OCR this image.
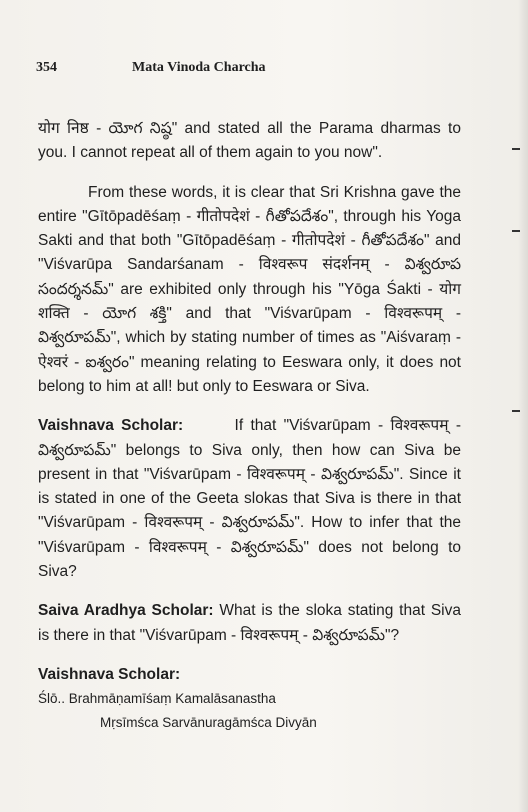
354	Mata Vinoda Charcha

योग निष्ठ - యోగ నిష్ఠ" and stated all the Parama dharmas to you. I cannot repeat all of them again to you now".

From these words, it is clear that Sri Krishna gave the entire "Gītōpadēśaṃ - गीतोपदेशं - గీతోపదేశం", through his Yoga Sakti and that both "Gītōpadēśaṃ - गीतोपदेशं - గీతోపదేశం" and "Viśvarūpa Sandarśanam - विश्वरूप संदर्शनम् - విశ్వరూప సందర్శనమ్" are exhibited only through his "Yōga Śakti - योग शक्ति - యోగ శక్తి" and that "Viśvarūpam - विश्वरूपम् - విశ్వరూపమ్", which by stating number of times as "Aiśvaraṃ - ऐश्वरं - ఐశ్వరం" meaning relating to Eeswara only, it does not belong to him at all! but only to Eeswara or Siva.

Vaishnava Scholar:	If that "Viśvarūpam - विश्वरूपम् - విశ్వరూపమ్" belongs to Siva only, then how can Siva be present in that "Viśvarūpam - विश्वरूपम् - విశ్వరూపమ్". Since it is stated in one of the Geeta slokas that Siva is there in that "Viśvarūpam - विश्वरूपम् - విశ్వరూపమ్". How to infer that the "Viśvarūpam - विश्वरूपम् - విశ్వరూపమ్" does not belong to Siva?

Saiva Aradhya Scholar: What is the sloka stating that Siva is there in that "Viśvarūpam - विश्वरूपम् - విశ్వరూపమ్"?

Vaishnava Scholar:

Ślō.. Brahmāṇamīśaṃ Kamalāsanastha
Mṛsīmśca Sarvānuragāmśca Divyān
